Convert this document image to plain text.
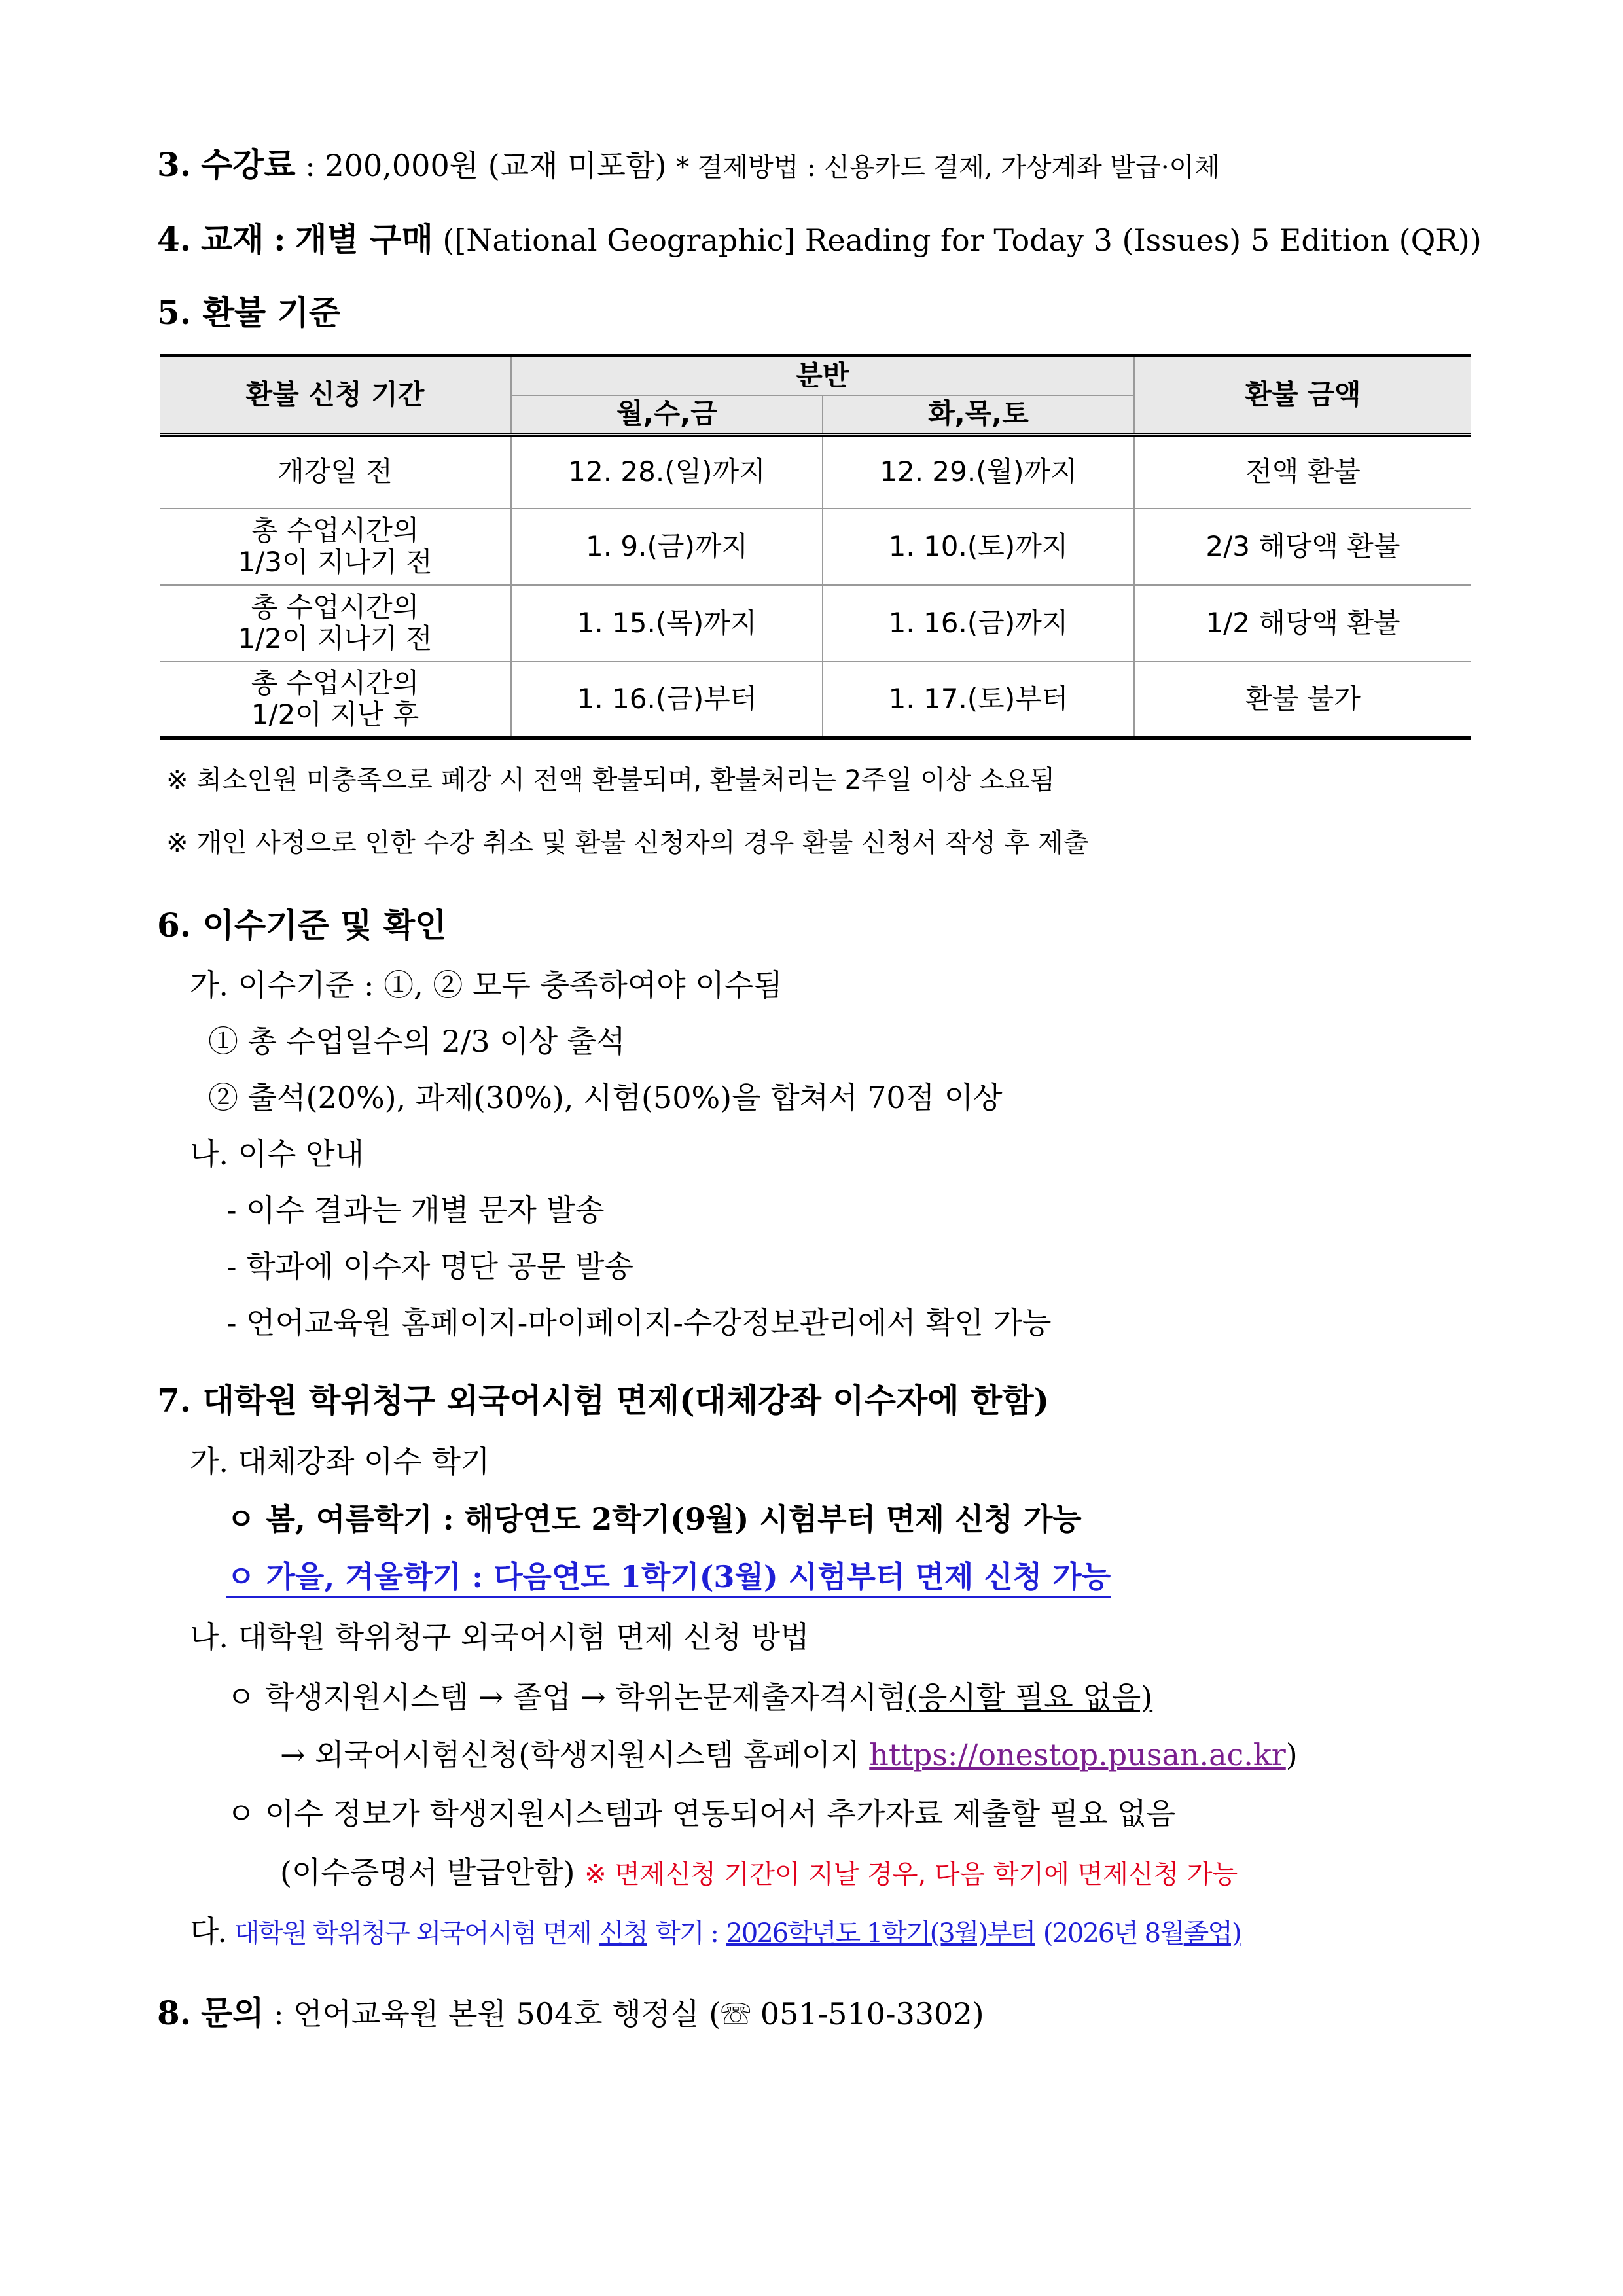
3. 수강료 : 200,000원 (교재 미포함) * 결제방법 : 신용카드 결제, 가상계좌 발급·이체
4. 교재 : 개별 구매 ([National Geographic] Reading for Today 3 (Issues) 5 Edition (QR))
5. 환불 기준
환불 신청 기간	분반		환불 금액
	월,수,금	화,목,토	
개강일 전	12. 28.(일)까지	12. 29.(월)까지	전액 환불

총 수업시간의
1/3이 지나기 전	1. 9.(금)까지	1. 10.(토)까지	2/3 해당액 환불

총 수업시간의
1/2이 지나기 전	1. 15.(목)까지	1. 16.(금)까지	1/2 해당액 환불

총 수업시간의
1/2이 지난 후	1. 16.(금)부터	1. 17.(토)부터	환불 불가
※ 최소인원 미충족으로 폐강 시 전액 환불되며, 환불처리는 2주일 이상 소요됨
※ 개인 사정으로 인한 수강 취소 및 환불 신청자의 경우 환불 신청서 작성 후 제출
6. 이수기준 및 확인
가. 이수기준 : ①, ② 모두 충족하여야 이수됨
① 총 수업일수의 2/3 이상 출석
② 출석(20%), 과제(30%), 시험(50%)을 합쳐서 70점 이상
나. 이수 안내
- 이수 결과는 개별 문자 발송
- 학과에 이수자 명단 공문 발송
- 언어교육원 홈페이지-마이페이지-수강정보관리에서 확인 가능
7. 대학원 학위청구 외국어시험 면제(대체강좌 이수자에 한함)
가. 대체강좌 이수 학기
ㅇ 봄, 여름학기 : 해당연도 2학기(9월) 시험부터 면제 신청 가능
ㅇ 가을, 겨울학기 : 다음연도 1학기(3월) 시험부터 면제 신청 가능
나. 대학원 학위청구 외국어시험 면제 신청 방법
ㅇ 학생지원시스템 → 졸업 → 학위논문제출자격시험(응시할 필요 없음)
→ 외국어시험신청(학생지원시스템 홈페이지 https://onestop.pusan.ac.kr)
ㅇ 이수 정보가 학생지원시스템과 연동되어서 추가자료 제출할 필요 없음
(이수증명서 발급안함) ※ 면제신청 기간이 지날 경우, 다음 학기에 면제신청 가능
다. 대학원 학위청구 외국어시험 면제 신청 학기 : 2026학년도 1학기(3월)부터 (2026년 8월졸업)
8. 문의 : 언어교육원 본원 504호 행정실 (☏ 051-510-3302)
